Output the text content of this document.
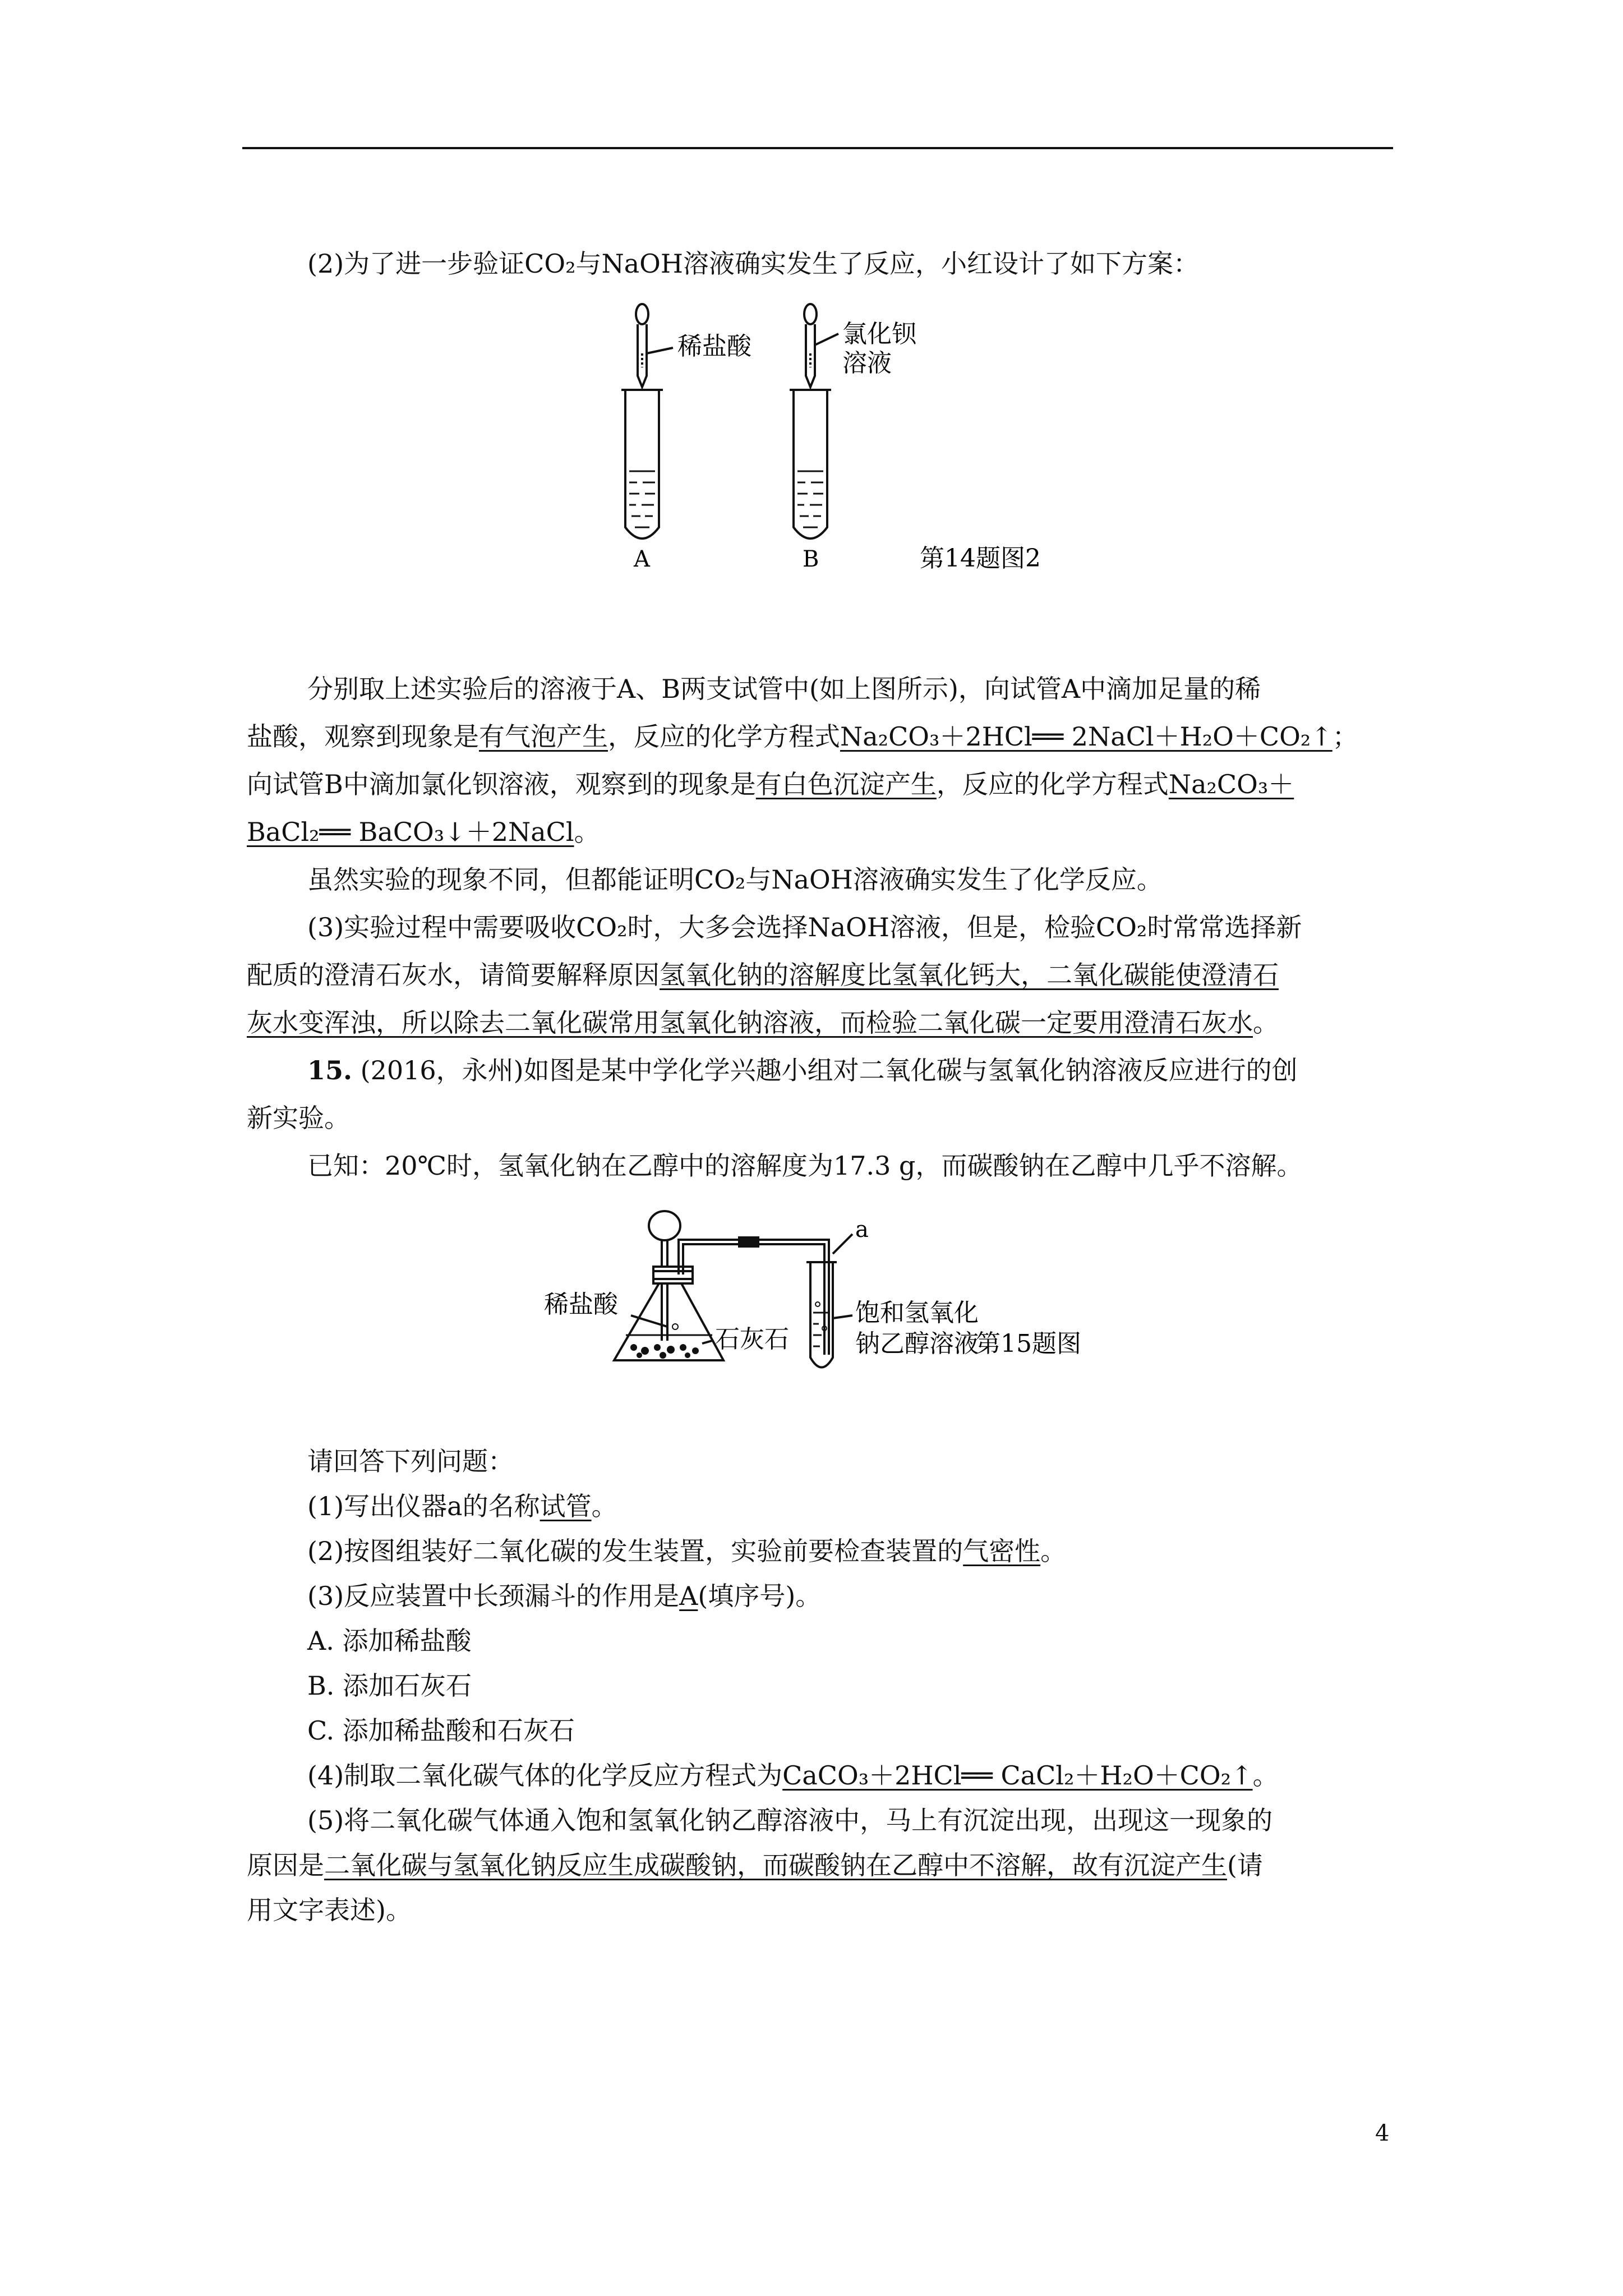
(2)为了进一步验证CO₂与NaOH溶液确实发生了反应，小红设计了如下方案：
稀盐酸
A
氯化钡
溶液
B	第14题图2
分别取上述实验后的溶液于A、B两支试管中(如上图所示)，向试管A中滴加足量的稀
盐酸，观察到现象是有气泡产生，反应的化学方程式Na₂CO₃＋2HCl══ 2NaCl＋H₂O＋CO₂↑；
向试管B中滴加氯化钡溶液，观察到的现象是有白色沉淀产生，反应的化学方程式Na₂CO₃＋
BaCl₂══ BaCO₃↓＋2NaCl。
虽然实验的现象不同，但都能证明CO₂与NaOH溶液确实发生了化学反应。
(3)实验过程中需要吸收CO₂时，大多会选择NaOH溶液，但是，检验CO₂时常常选择新
配质的澄清石灰水，请简要解释原因氢氧化钠的溶解度比氢氧化钙大，二氧化碳能使澄清石
灰水变浑浊，所以除去二氧化碳常用氢氧化钠溶液，而检验二氧化碳一定要用澄清石灰水。
15. (2016，永州)如图是某中学化学兴趣小组对二氧化碳与氢氧化钠溶液反应进行的创
新实验。
已知：20℃时，氢氧化钠在乙醇中的溶解度为17.3 g，而碳酸钠在乙醇中几乎不溶解。
a
稀盐酸
石灰石
饱和氢氧化
钠乙醇溶液
第15题图
请回答下列问题：
(1)写出仪器a的名称试管。
(2)按图组装好二氧化碳的发生装置，实验前要检查装置的气密性。
(3)反应装置中长颈漏斗的作用是A(填序号)。
A. 添加稀盐酸
B. 添加石灰石
C. 添加稀盐酸和石灰石
(4)制取二氧化碳气体的化学反应方程式为CaCO₃＋2HCl══ CaCl₂＋H₂O＋CO₂↑。
(5)将二氧化碳气体通入饱和氢氧化钠乙醇溶液中，马上有沉淀出现，出现这一现象的
原因是二氧化碳与氢氧化钠反应生成碳酸钠，而碳酸钠在乙醇中不溶解，故有沉淀产生(请
用文字表述)。
4
